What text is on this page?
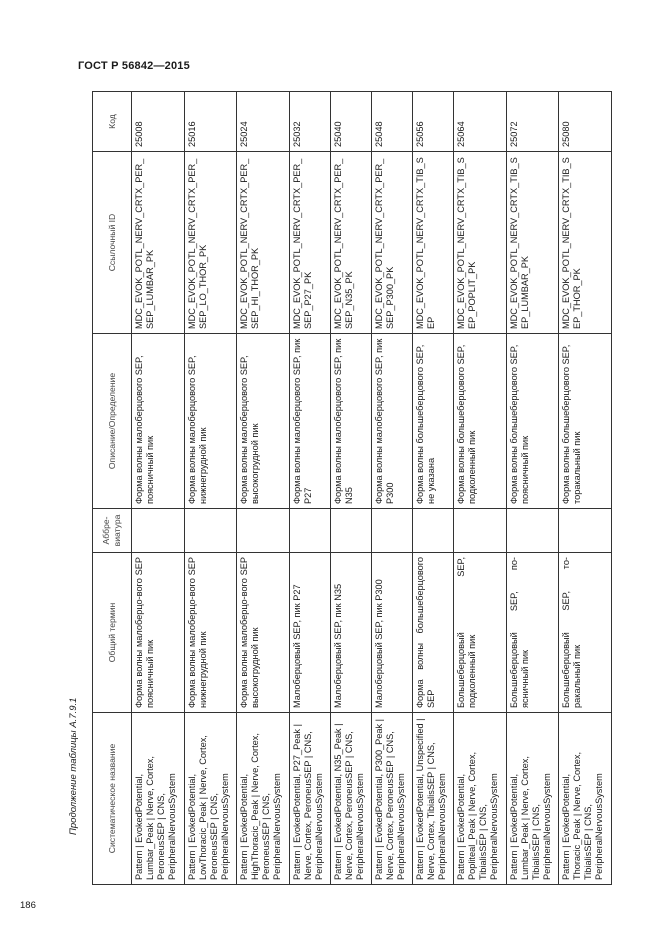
ГОСТ Р 56842—2015
Продолжение таблицы А.7.9.1	Систематическое название	Общий термин	Аббре-виатура	Описание/Определение	Ссылочный ID	Код
Pattern | EvokedPotential, Lumbar_Peak | Nerve, Cortex, PeroneusSEP | CNS, PeripheralNervousSystem	Форма волны малоберцо-вого SEP поясничный пик		Форма волны малоберцового SEP, поясничный пик	MDC_EVOK_POTL_NERV_CRTX_PER_SEP_LUMBAR_PK	25008
Pattern | EvokedPotential, LowThoracic_Peak | Nerve, Cortex, PeroneusSEP | CNS, PeripheralNervousSystem	Форма волны малоберцо-вого SEP нижнегрудной пик		Форма волны малоберцового SEP, нижнегрудной пик	MDC_EVOK_POTL_NERV_CRTX_PER_SEP_LO_THOR_PK	25016
Pattern | EvokedPotential, HighThoracic_Peak | Nerve, Cortex, PeroneusSEP | CNS, PeripheralNervousSystem	Форма волны малоберцо-вого SEP высокогрудной пик		Форма волны малоберцового SEP, высокогрудной пик	MDC_EVOK_POTL_NERV_CRTX_PER_SEP_HI_THOR_PK	25024
Pattern | EvokedPotential, P27_Peak | Nerve, Cortex, PeroneusSEP | CNS, PeripheralNervousSystem	Малоберцовый SEP, пик P27		Форма волны малоберцового SEP, пик P27	MDC_EVOK_POTL_NERV_CRTX_PER_SEP_P27_PK	25032
Pattern | EvokedPotential, N35_Peak | Nerve, Cortex, PeroneusSEP | CNS, PeripheralNervousSystem	Малоберцовый SEP, пик N35		Форма волны малоберцового SEP, пик N35	MDC_EVOK_POTL_NERV_CRTX_PER_SEP_N35_PK	25040
Pattern | EvokedPotential, P300_Peak | Nerve, Cortex, PeroneusSEP | CNS, PeripheralNervousSystem	Малоберцовый SEP, пик P300		Форма волны малоберцового SEP, пик P300	MDC_EVOK_POTL_NERV_CRTX_PER_SEP_P300_PK	25048
Pattern | EvokedPotential, Unspecified | Nerve, Cortex, TibialisSEP | CNS, PeripheralNervousSystem	Форма волны большеберцового SEP		Форма волны большеберцового SEP, не указана	MDC_EVOK_POTL_NERV_CRTX_TIB_SEP	25056
Pattern | EvokedPotential, Popliteal_Peak | Nerve, Cortex, TibialisSEP | CNS, PeripheralNervousSystem	Большеберцовый SEP, подколенный пик		Форма волны большеберцового SEP, подколенный пик	MDC_EVOK_POTL_NERV_CRTX_TIB_SEP_POPLIT_PK	25064
Pattern | EvokedPotential, Lumbar_Peak | Nerve, Cortex, TibialisSEP | CNS, PeripheralNervousSystem	Большеберцовый SEP, по-ясничный пик		Форма волны большеберцового SEP, поясничный пик	MDC_EVOK_POTL_NERV_CRTX_TIB_SEP_LUMBAR_PK	25072
Pattern | EvokedPotential, Thoracic_Peak | Nerve, Cortex, TibialisSEP | CNS, PeripheralNervousSystem	Большеберцовый SEP, то-ракальный пик		Форма волны большеберцового SEP, торакальный пик	MDC_EVOK_POTL_NERV_CRTX_TIB_SEP_THOR_PK	25080
186
